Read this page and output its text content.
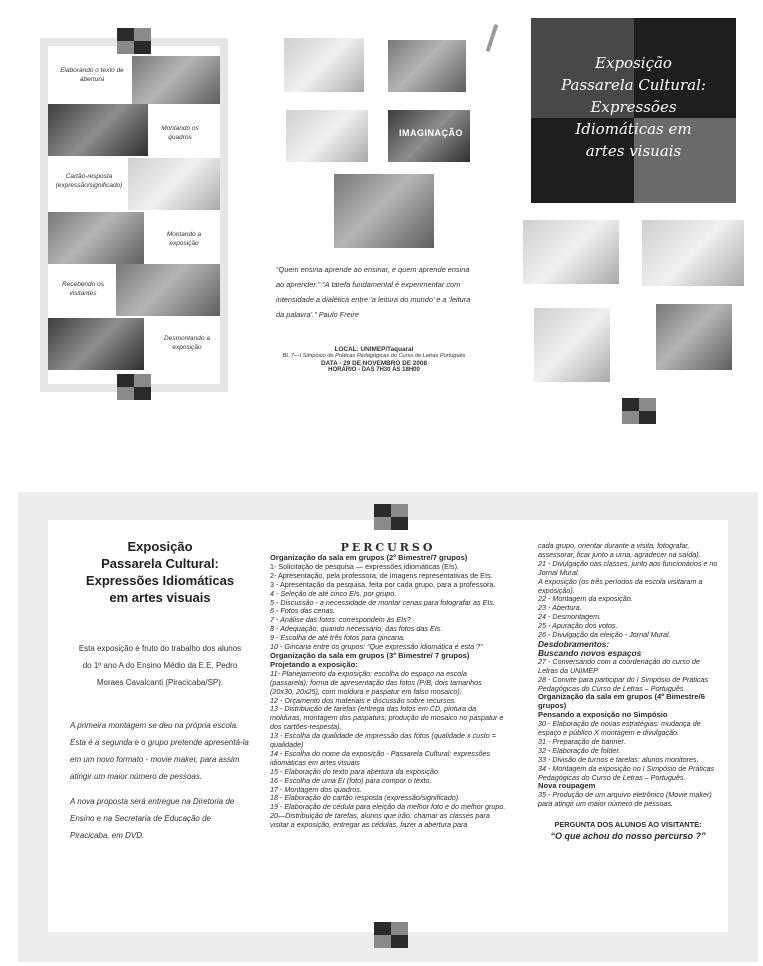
Elaborando o texto de abertura
Montando os quadros
Cartão-resposta (expressão/significado)
Montando a exposição
Recebendo os visitantes
Desmontando a exposição
IMAGINAÇÃO
“Quem ensina aprende ao ensinar, e quem aprende ensina ao aprender.” “A tarefa fundamental é experimentar com intensidade a dialética entre ‘a leitura do mundo’ e a ‘leitura da palavra’.” Paulo Freire
LOCAL: UNIMEP/Taquaral
BL 7—I Simpósio de Práticas Pedagógicas do Curso de Letras Português
DATA - 29 DE NOVEMBRO DE 2008
HORÁRIO - DAS 7H30 ÀS 18H00
Exposição
Passarela Cultural:
Expressões
Idiomáticas em
artes visuais
Exposição
Passarela Cultural:
Expressões Idiomáticas
em artes visuais
Esta exposição é fruto do trabalho dos alunos do 1º ano A do Ensino Médio da E.E. Pedro Moraes Cavalcanti (Piracicaba/SP).
A primeira montagem se deu na própria escola. Esta é a segunda e o grupo pretende apresentá-la em um novo formato - movie maker, para assim atingir um maior número de pessoas.
A nova proposta será entregue na Diretoria de Ensino e na Secretaria de Educação de Piracicaba, em DVD.
PERCURSO

Organização da sala em grupos (2º Bimestre/7 grupos)

1- Solicitação de pesquisa — expressões idiomáticas (EIs).

2- Apresentação, pela professora, de imagens representativas de EIs.

3 - Apresentação da pesquisa, feita por cada grupo, para a professora.

4 - Seleção de até cinco EIs, por grupo.

5 - Discussão - a necessidade de montar cenas para fotografar as EIs.

6 - Fotos das cenas.

7 - Análise das fotos: correspondem às EIs?

8 - Adequação, quando necessário, das fotos das EIs.

9 - Escolha de até três fotos para gincana.

10 - Gincana entre os grupos: “Que expressão idiomática é esta ?”

Organização da sala em grupos (3º Bimestre/ 7 grupos)

Projetando a exposição:

11- Planejamento da exposição: escolha do espaço na escola (passarela); forma de apresentação das fotos (P/B, dois tamanhos (20x30, 20x25), com moldura e paspatur em falso mosaico).

12 - Orçamento dos materiais e discussão sobre recursos.

13 - Distribuição de tarefas (entrega das fotos em CD, pintura da molduras, montagem dos paspaturs, produção do mosaico no paspatur e dos cartões-respesta).

13 - Escolha da qualidade de impressão das fotos (qualidade x custo = qualidade)

14 - Escolha do nome da exposição - Passarela Cultural: expressões idiomáticas em artes visuais

15 - Elaboração do texto para abertura da exposição.

16 - Escolha de uma EI (foto) para compor o texto.

17 - Montagem dos quadros.

18 - Elaboração do cartão resposta (expressão/significado).

19 - Elaboração de cédula para eleição da melhor foto e do melhor grupo.

20—Distribuição de tarefas, alunos que irão: chamar as classes para visitar a exposição, entregar as cédulas, fazer a abertura para

cada grupo, orientar durante a visita, fotografar, assessorar, ficar junto a urna, agradecer na saída).

21 - Divulgação nas classes, junto aos funcionários e no Jornal Mural.

A exposição (os três períodos da escola visitaram a exposição).

22 - Montagem da exposição.

23 - Abertura.

24 - Desmontagem.

25 - Apuração dos votos.

26 - Divulgação da eleição - Jornal Mural.

Desdobramentos:

Buscando novos espaços

27 - Conversando com a coordenação do curso de Letras da UNIMEP

28 - Convite para participar do I Simpósio de Práticas Pedagógicas do Curso de Letras – Português.

Organização da sala em grupos (4º Bimestre/6 grupos)

Pensando a exposição no Simpósio

30 - Elaboração de novas estratégias: mudança de espaço e público X montagem e divulgação.

31 - Preparação de banner.

32 - Elaboração de folder.

33 - Divisão de turnos e tarefas: alunos monitores.

34 - Montagem da exposição no I Simpósio de Práticas Pedagógicas do Curso de Letras – Português.

Nova roupagem

35 - Produção de um arquivo eletrônico (Movie maker) para atingir um maior número de pessoas.

PERGUNTA DOS ALUNOS AO VISITANTE:
“O que achou do nosso percurso ?”
